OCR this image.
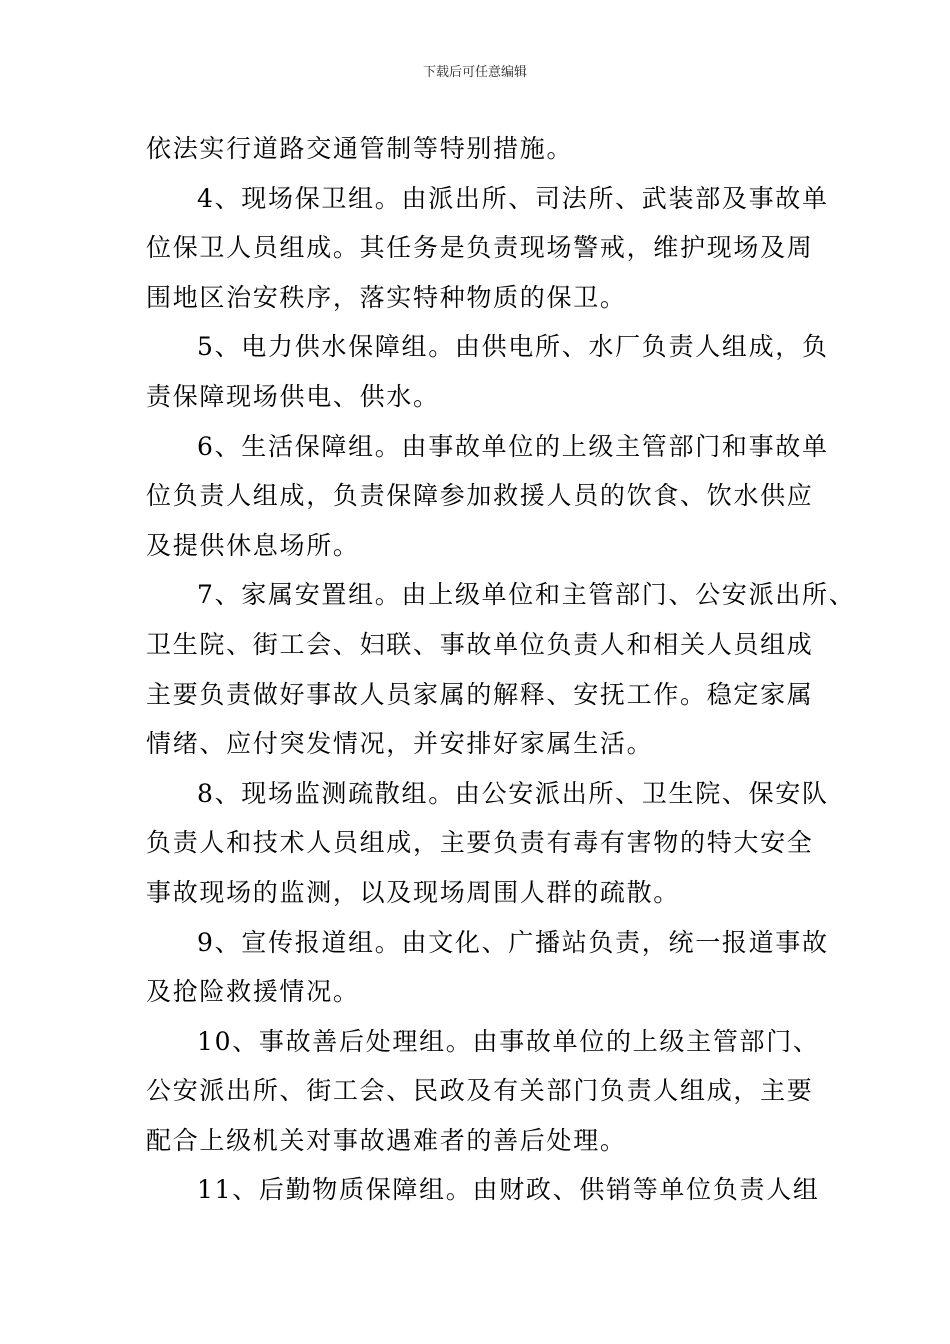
下载后可任意编辑
依法实行道路交通管制等特别措施。
4、现场保卫组。由派出所、司法所、武装部及事故单
位保卫人员组成。其任务是负责现场警戒，维护现场及周
围地区治安秩序，落实特种物质的保卫。
5、电力供水保障组。由供电所、水厂负责人组成，负
责保障现场供电、供水。
6、生活保障组。由事故单位的上级主管部门和事故单
位负责人组成，负责保障参加救援人员的饮食、饮水供应
及提供休息场所。
7、家属安置组。由上级单位和主管部门、公安派出所、
卫生院、街工会、妇联、事故单位负责人和相关人员组成
主要负责做好事故人员家属的解释、安抚工作。稳定家属
情绪、应付突发情况，并安排好家属生活。
8、现场监测疏散组。由公安派出所、卫生院、保安队
负责人和技术人员组成，主要负责有毒有害物的特大安全
事故现场的监测，以及现场周围人群的疏散。
9、宣传报道组。由文化、广播站负责，统一报道事故
及抢险救援情况。
10、事故善后处理组。由事故单位的上级主管部门、
公安派出所、街工会、民政及有关部门负责人组成，主要
配合上级机关对事故遇难者的善后处理。
11、后勤物质保障组。由财政、供销等单位负责人组
